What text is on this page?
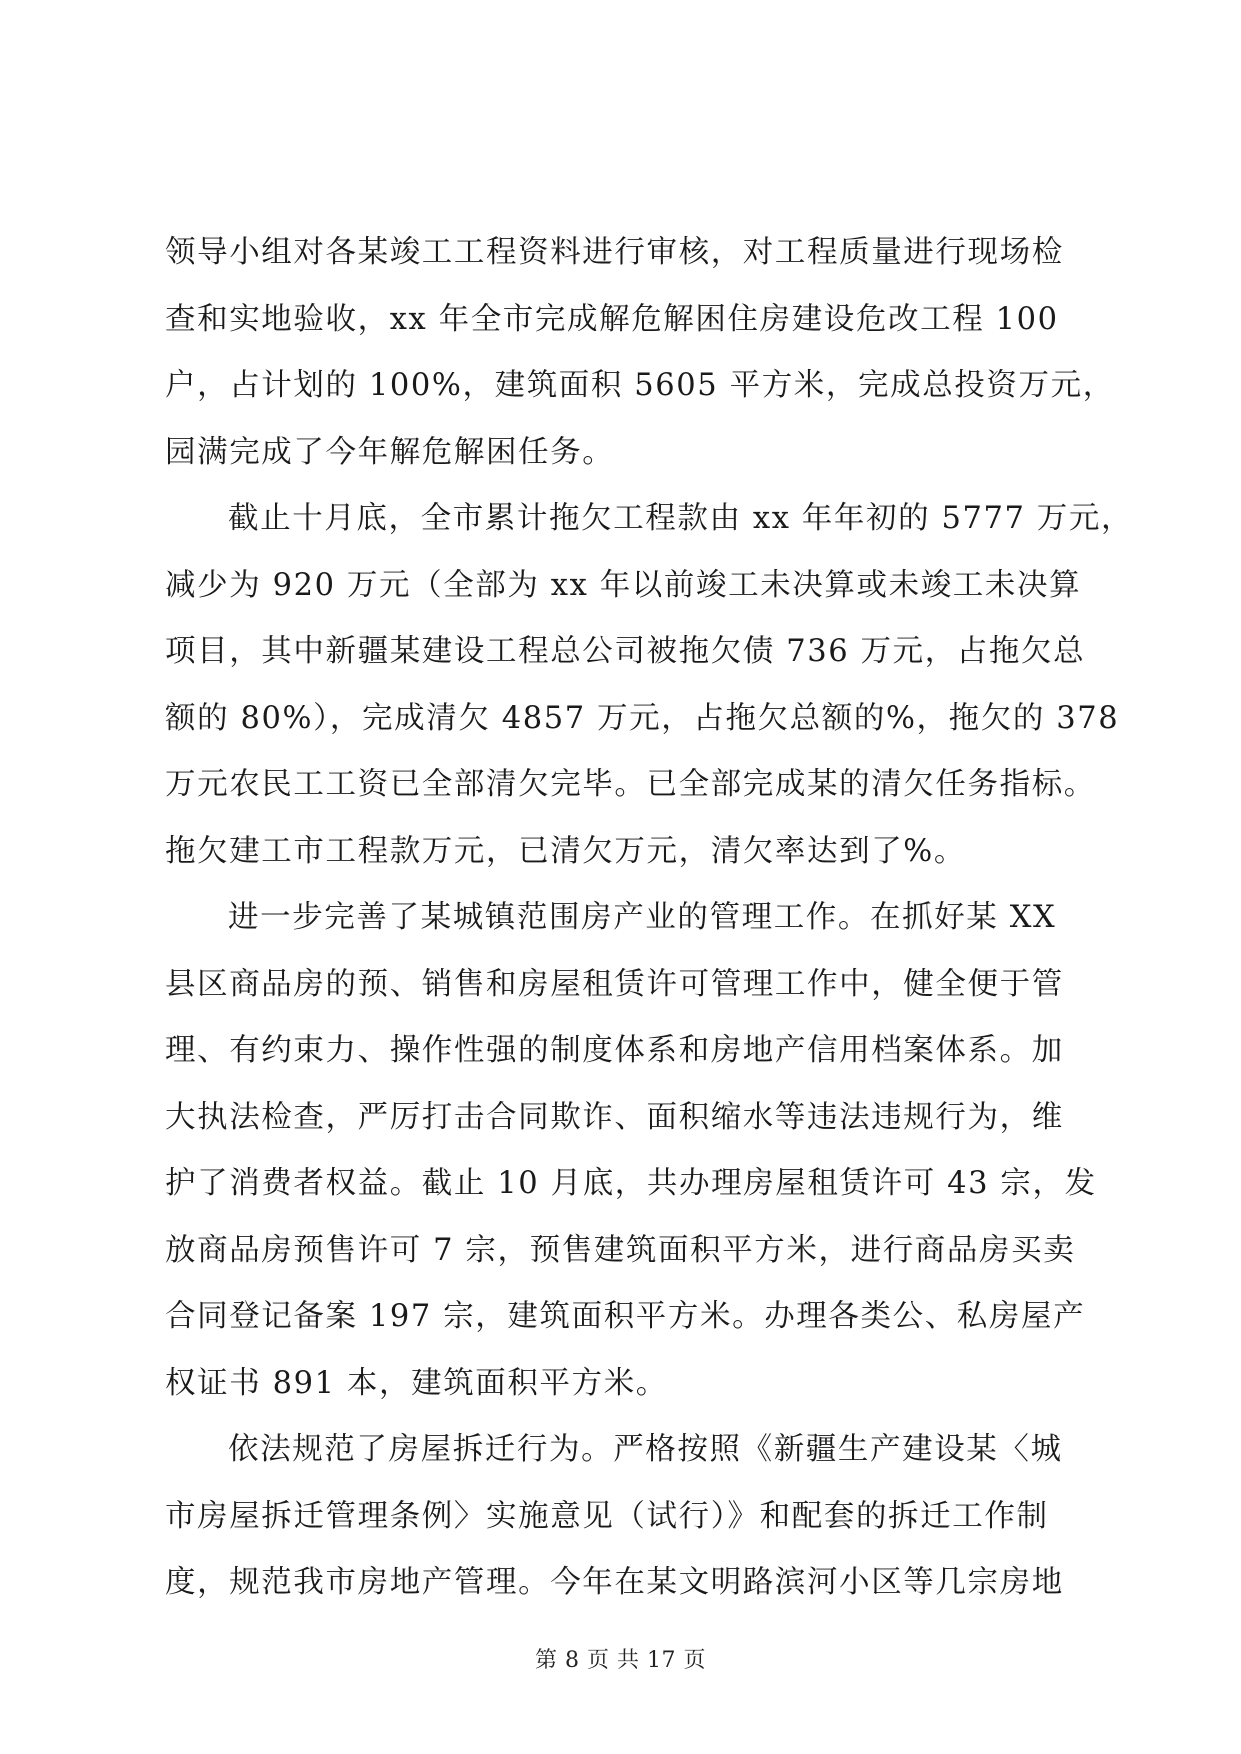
领导小组对各某竣工工程资料进行审核，对工程质量进行现场检
查和实地验收，xx 年全市完成解危解困住房建设危改工程 100
户，占计划的 100%，建筑面积 5605 平方米，完成总投资万元，
园满完成了今年解危解困任务。
截止十月底，全市累计拖欠工程款由 xx 年年初的 5777 万元，
减少为 920 万元（全部为 xx 年以前竣工未决算或未竣工未决算
项目，其中新疆某建设工程总公司被拖欠债 736 万元，占拖欠总
额的 80%），完成清欠 4857 万元，占拖欠总额的%，拖欠的 378
万元农民工工资已全部清欠完毕。已全部完成某的清欠任务指标。
拖欠建工市工程款万元，已清欠万元，清欠率达到了%。
进一步完善了某城镇范围房产业的管理工作。在抓好某 XX
县区商品房的预、销售和房屋租赁许可管理工作中，健全便于管
理、有约束力、操作性强的制度体系和房地产信用档案体系。加
大执法检查，严厉打击合同欺诈、面积缩水等违法违规行为，维
护了消费者权益。截止 10 月底，共办理房屋租赁许可 43 宗，发
放商品房预售许可 7 宗，预售建筑面积平方米，进行商品房买卖
合同登记备案 197 宗，建筑面积平方米。办理各类公、私房屋产
权证书 891 本，建筑面积平方米。
依法规范了房屋拆迁行为。严格按照《新疆生产建设某〈城
市房屋拆迁管理条例〉实施意见（试行）》和配套的拆迁工作制
度，规范我市房地产管理。今年在某文明路滨河小区等几宗房地
第 8 页 共 17 页
